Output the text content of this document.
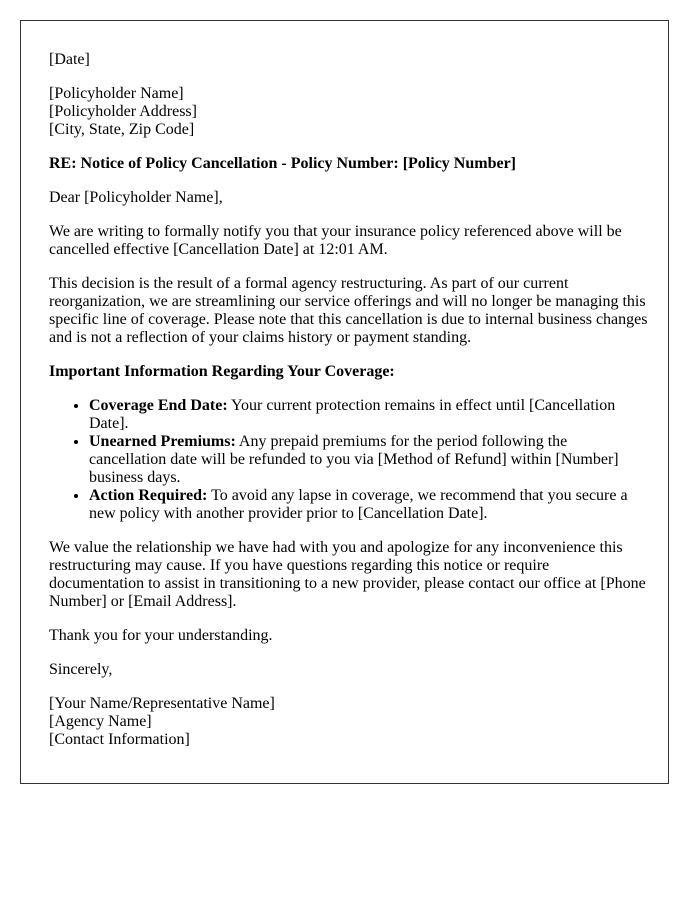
[Date]

[Policyholder Name]
[Policyholder Address]
[City, State, Zip Code]

RE: Notice of Policy Cancellation - Policy Number: [Policy Number]

Dear [Policyholder Name],

We are writing to formally notify you that your insurance policy referenced above will be cancelled effective [Cancellation Date] at 12:01 AM.

This decision is the result of a formal agency restructuring. As part of our current reorganization, we are streamlining our service offerings and will no longer be managing this specific line of coverage. Please note that this cancellation is due to internal business changes and is not a reflection of your claims history or payment standing.

Important Information Regarding Your Coverage:

• Coverage End Date: Your current protection remains in effect until [Cancellation Date].
• Unearned Premiums: Any prepaid premiums for the period following the cancellation date will be refunded to you via [Method of Refund] within [Number] business days.
• Action Required: To avoid any lapse in coverage, we recommend that you secure a new policy with another provider prior to [Cancellation Date].

We value the relationship we have had with you and apologize for any inconvenience this restructuring may cause. If you have questions regarding this notice or require documentation to assist in transitioning to a new provider, please contact our office at [Phone Number] or [Email Address].

Thank you for your understanding.

Sincerely,

[Your Name/Representative Name]
[Agency Name]
[Contact Information]
